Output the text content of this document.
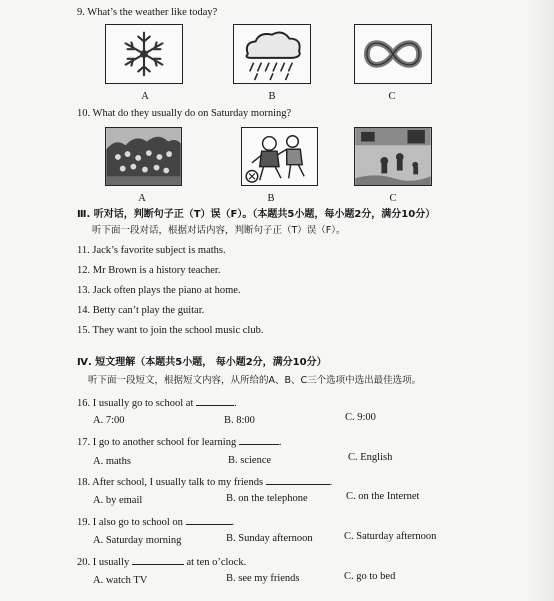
9. What’s the weather like today?
A	B	C
10. What do they usually do on Saturday morning?
A	B	C
Ⅲ. 听对话，判断句子正（T）误（F）。（本题共5小题，每小题2分，满分10分）
听下面一段对话，根据对话内容，判断句子正（T）误（F）。
11. Jack’s favorite subject is maths.
12. Mr Brown is a history teacher.
13. Jack often plays the piano at home.
14. Betty can’t play the guitar.
15. They want to join the school music club.
Ⅳ. 短文理解（本题共5小题， 每小题2分，满分10分）
听下面一段短文，根据短文内容，从所给的A、B、C三个选项中选出最佳选项。
16. I usually go to school at	.
A. 7:00	B. 8:00	C. 9:00
17. I go to another school for learning	.
A. maths	B. science	C. English
18. After school, I usually talk to my friends	.
A. by email	B. on the telephone	C. on the Internet
19. I also go to school on	.
A. Saturday morning	B. Sunday afternoon	C. Saturday afternoon
20. I usually	at ten o’clock.
A. watch TV	B. see my friends	C. go to bed
